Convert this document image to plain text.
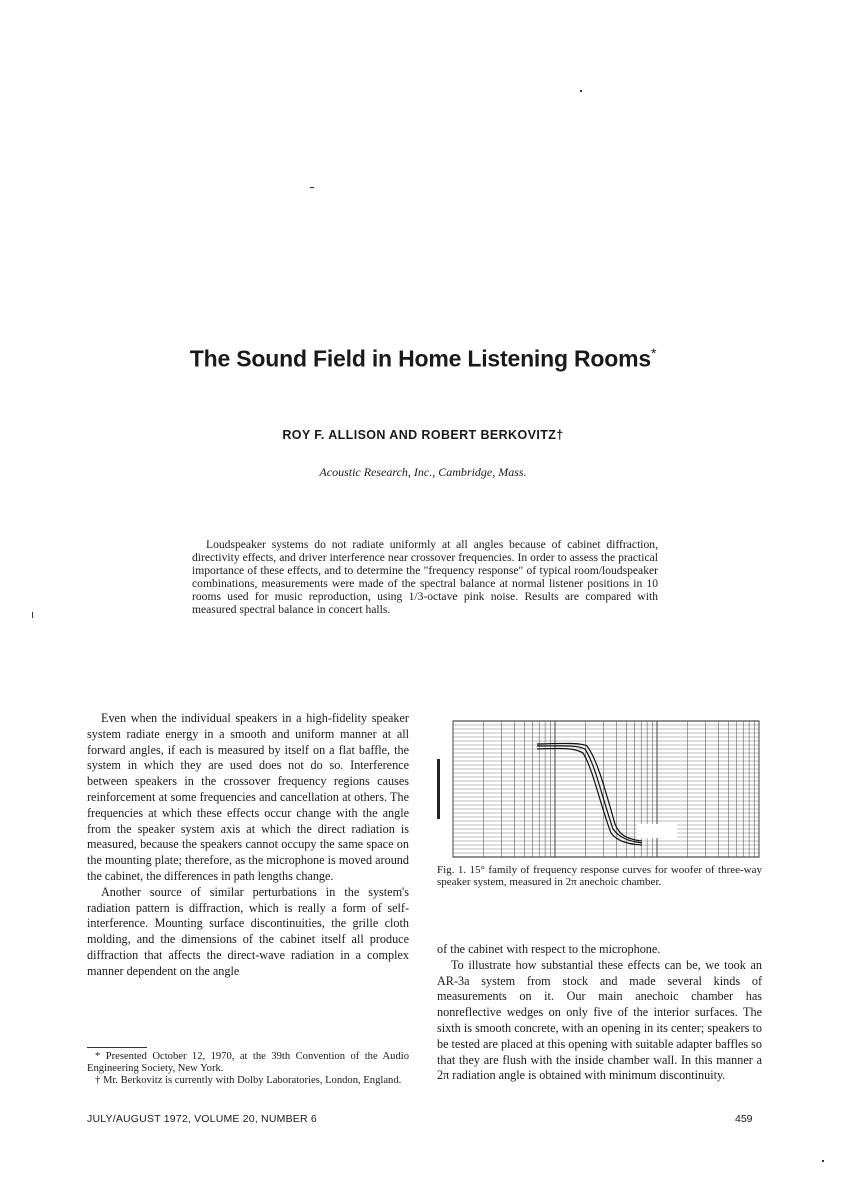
The Sound Field in Home Listening Rooms*
ROY F. ALLISON AND ROBERT BERKOVITZ†
Acoustic Research, Inc., Cambridge, Mass.

Loudspeaker systems do not radiate uniformly at all angles because of cabinet diffraction, directivity effects, and driver interference near crossover frequencies. In order to assess the practical importance of these effects, and to determine the "frequency response" of typical room/loudspeaker combinations, measurements were made of the spectral balance at normal listener positions in 10 rooms used for music reproduction, using 1/3-octave pink noise. Results are compared with measured spectral balance in concert halls.

Even when the individual speakers in a high-fidelity speaker system radiate energy in a smooth and uniform manner at all forward angles, if each is measured by itself on a flat baffle, the system in which they are used does not do so. Interference between speakers in the crossover frequency regions causes reinforcement at some frequencies and cancellation at others. The frequencies at which these effects occur change with the angle from the speaker system axis at which the direct radiation is measured, because the speakers cannot occupy the same space on the mounting plate; therefore, as the microphone is moved around the cabinet, the differences in path lengths change.

Another source of similar perturbations in the system's radiation pattern is diffraction, which is really a form of self-interference. Mounting surface discontinuities, the grille cloth molding, and the dimensions of the cabinet itself all produce diffraction that affects the direct-wave radiation in a complex manner dependent on the angle

Fig. 1. 15° family of frequency response curves for woofer of three-way speaker system, measured in 2π anechoic chamber.

of the cabinet with respect to the microphone.

To illustrate how substantial these effects can be, we took an AR-3a system from stock and made several kinds of measurements on it. Our main anechoic chamber has nonreflective wedges on only five of the interior surfaces. The sixth is smooth concrete, with an opening in its center; speakers to be tested are placed at this opening with suitable adapter baffles so that they are flush with the inside chamber wall. In this manner a 2π radiation angle is obtained with minimum discontinuity.

* Presented October 12, 1970, at the 39th Convention of the Audio Engineering Society, New York.

† Mr. Berkovitz is currently with Dolby Laboratories, London, England.

JULY/AUGUST 1972, VOLUME 20, NUMBER 6	459
